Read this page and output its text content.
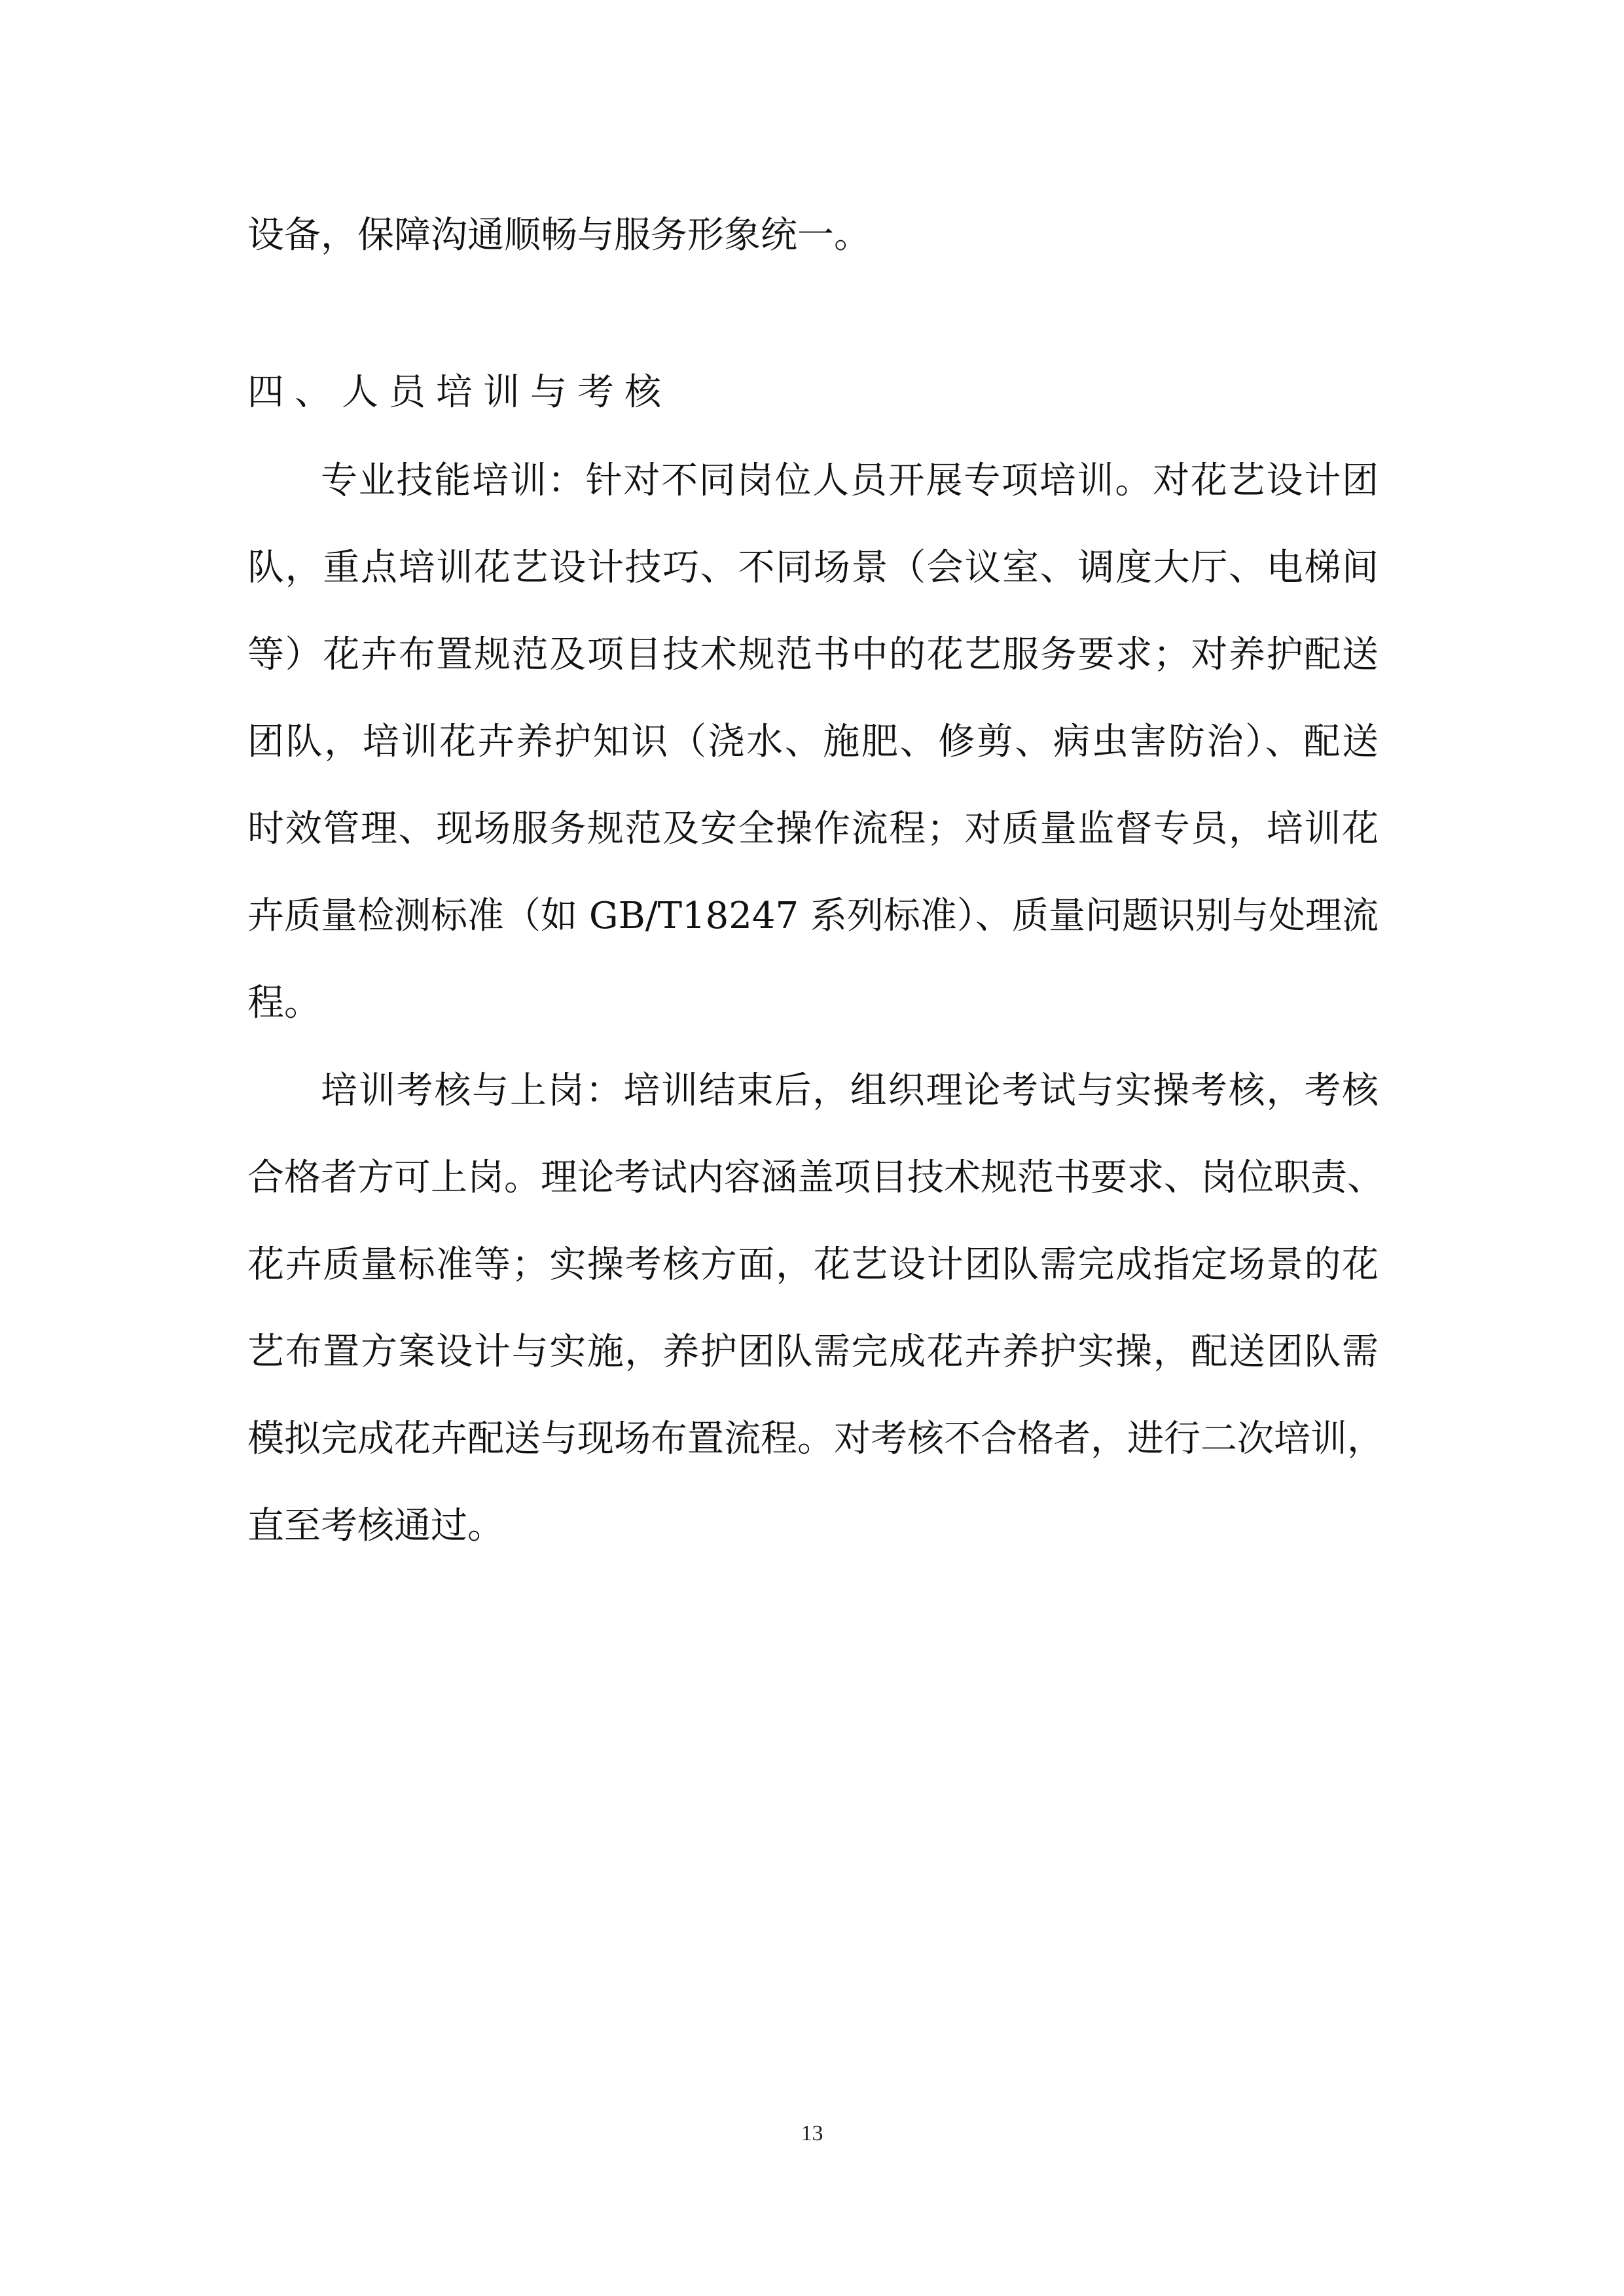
设备，保障沟通顺畅与服务形象统一。

四、人员培训与考核

专业技能培训：针对不同岗位人员开展专项培训。对花艺设计团

队，重点培训花艺设计技巧、不同场景（会议室、调度大厅、电梯间

等）花卉布置规范及项目技术规范书中的花艺服务要求；对养护配送

团队，培训花卉养护知识（浇水、施肥、修剪、病虫害防治）、配送

时效管理、现场服务规范及安全操作流程；对质量监督专员，培训花

卉质量检测标准（如 GB/T18247 系列标准）、质量问题识别与处理流

程。

培训考核与上岗：培训结束后，组织理论考试与实操考核，考核

合格者方可上岗。理论考试内容涵盖项目技术规范书要求、岗位职责、

花卉质量标准等；实操考核方面，花艺设计团队需完成指定场景的花

艺布置方案设计与实施，养护团队需完成花卉养护实操，配送团队需

模拟完成花卉配送与现场布置流程。对考核不合格者，进行二次培训，

直至考核通过。

13
